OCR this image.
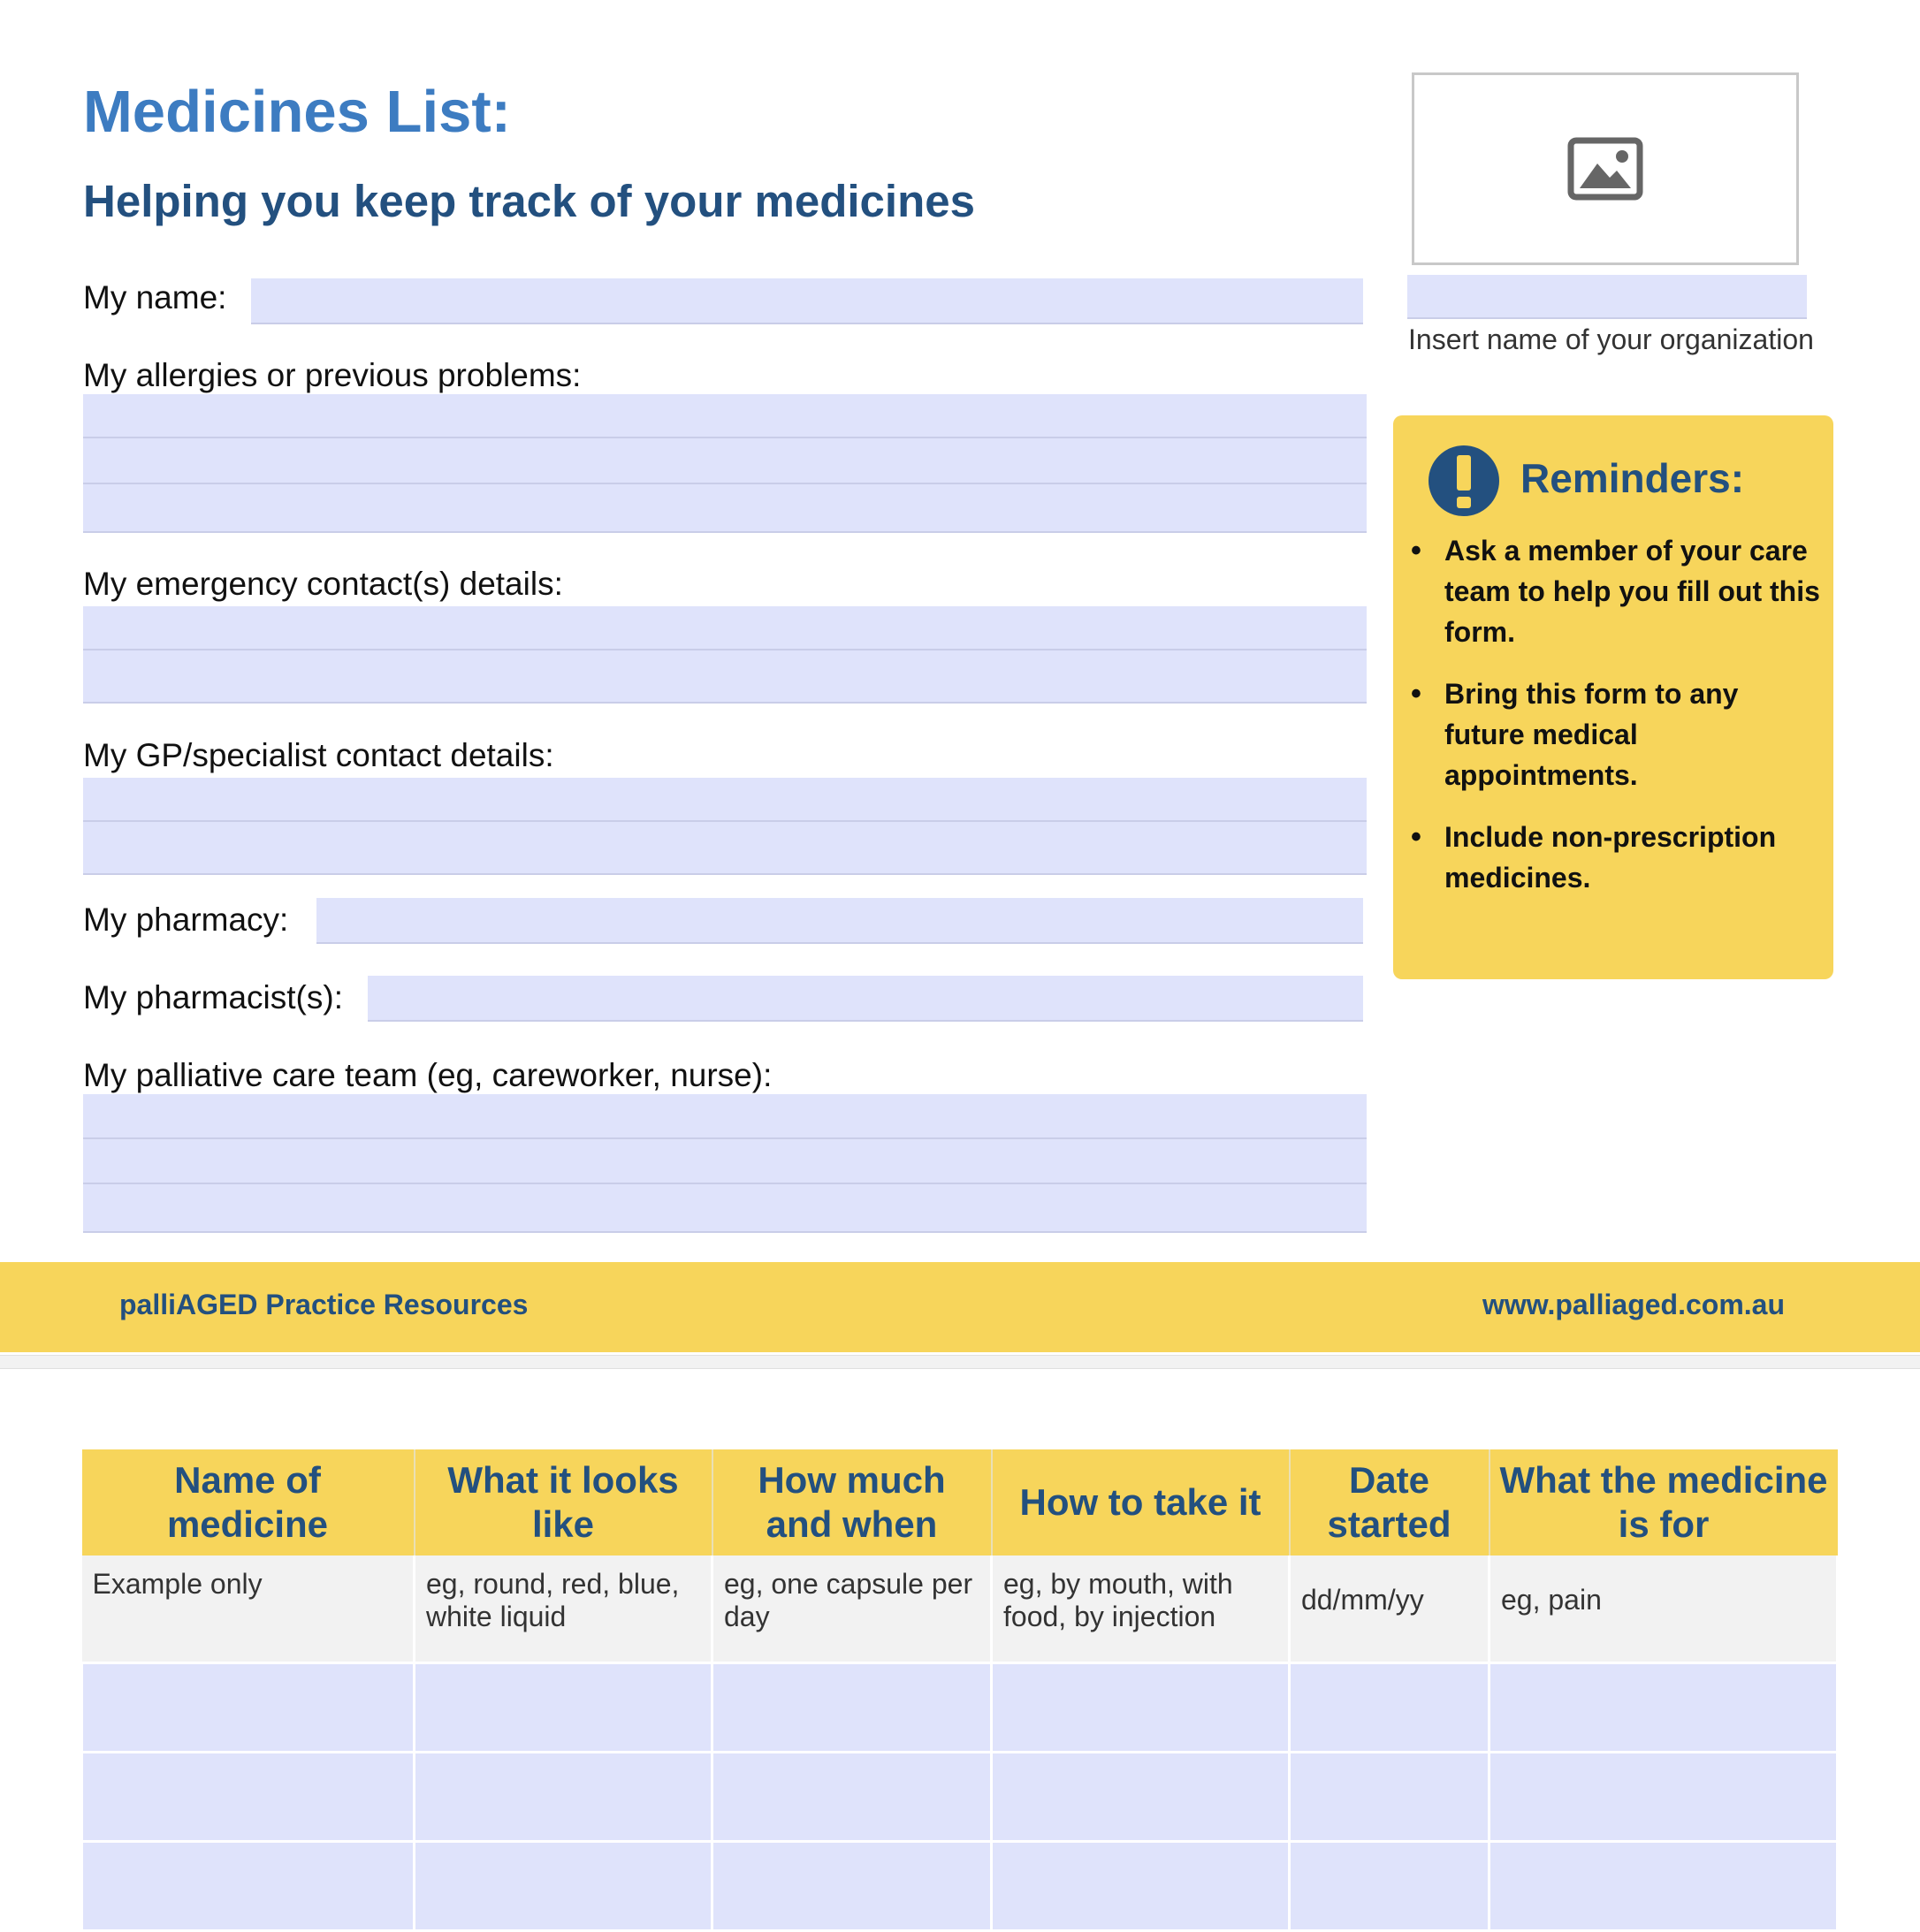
Medicines List:
Helping you keep track of your medicines
My name:
My allergies or previous problems:
My emergency contact(s) details:
My GP/specialist contact details:
My pharmacy:
My pharmacist(s):
My palliative care team (eg, careworker, nurse):
Insert name of your organization
Reminders:
• Ask a member of your care team to help you fill out this form.
• Bring this form to any future medical appointments.
• Include non-prescription medicines.
palliAGED Practice Resources	www.palliaged.com.au
Name of medicine	What it looks like	How much and when	How to take it	Date started	What the medicine is for
Example only	eg, round, red, blue, white liquid	eg, one capsule per day	eg, by mouth, with food, by injection	dd/mm/yy	eg, pain
